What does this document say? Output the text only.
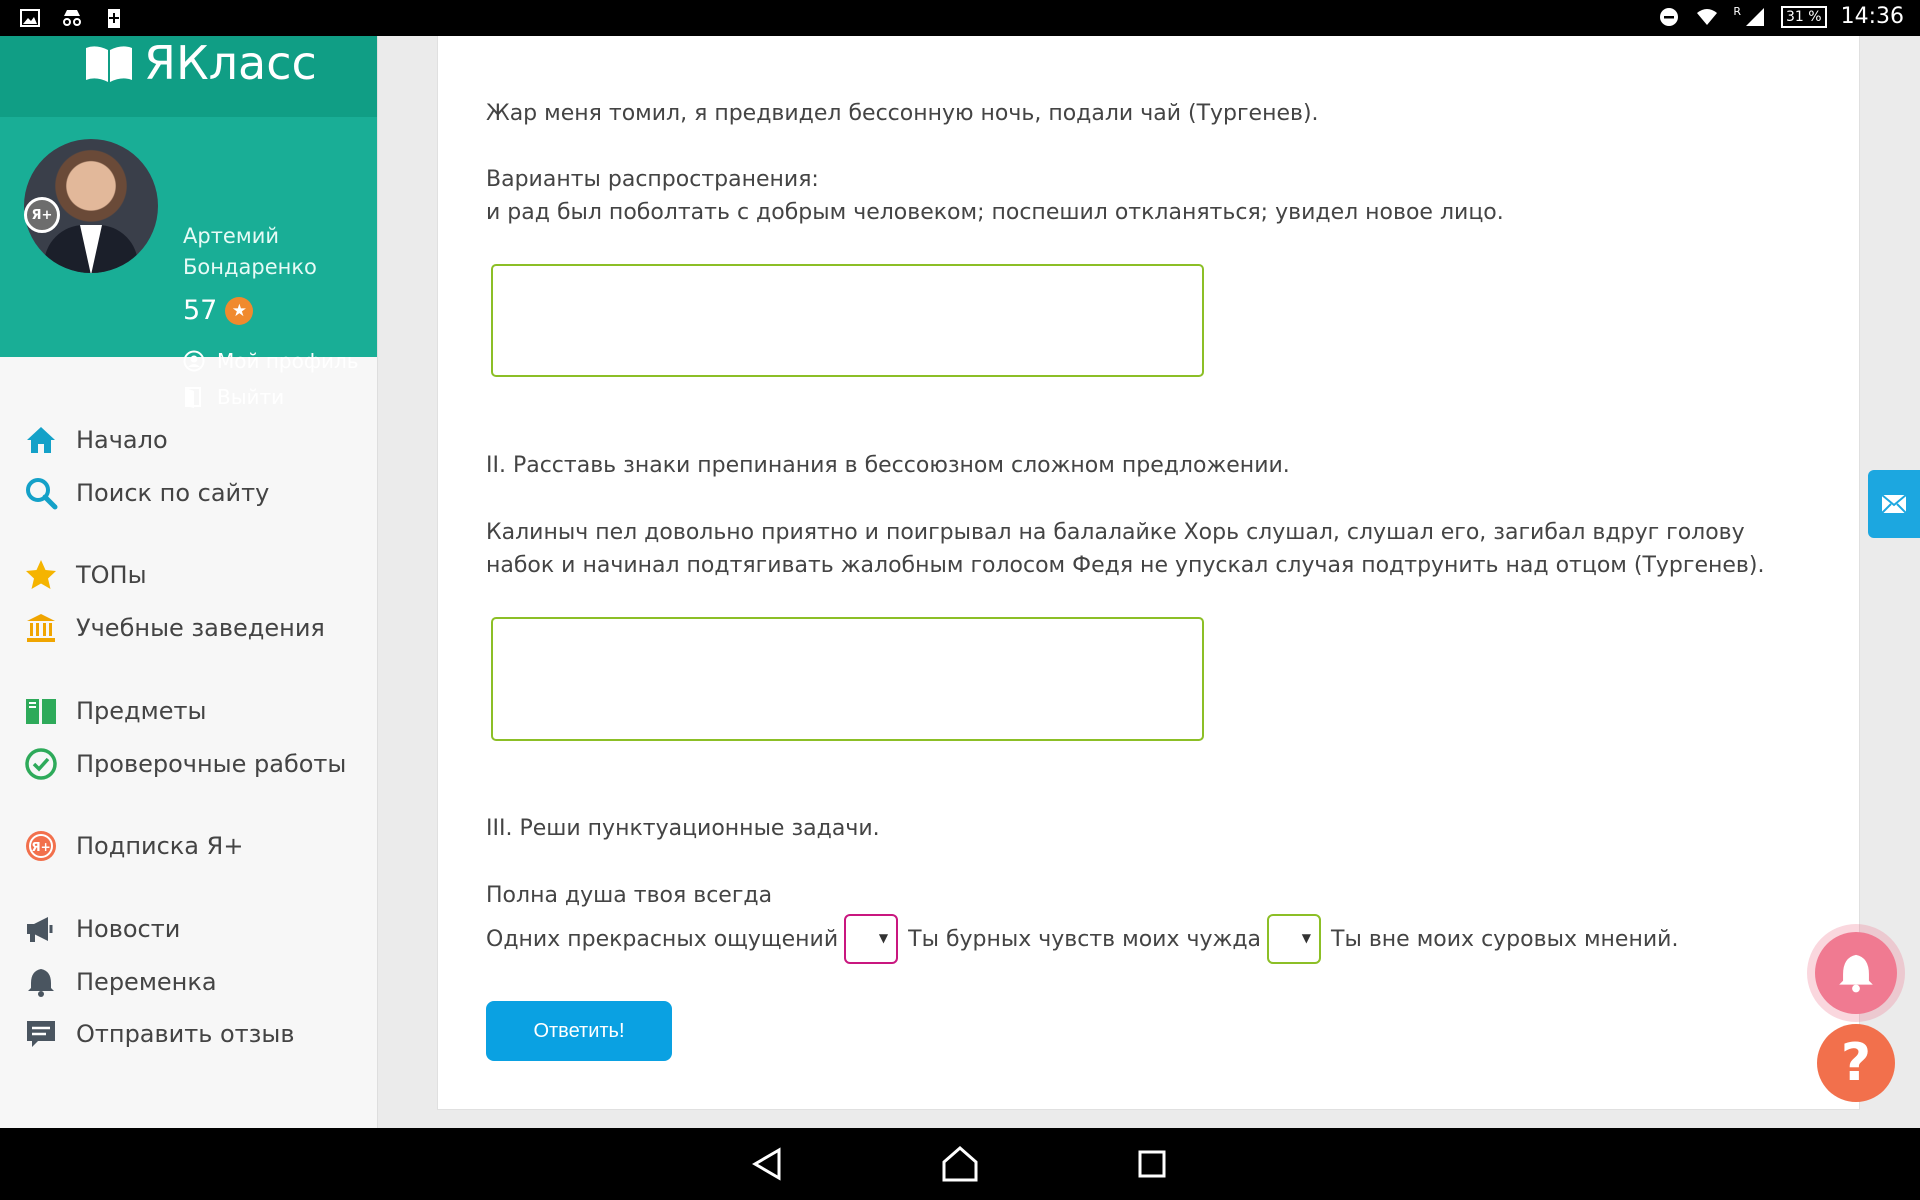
R	31 % 14:36
ЯКласс
Я+
Артемий
Бондаренко
57 ★
Мой профиль
Выйти
Начало
Поиск по сайту
ТОПы
Учебные заведения
Предметы
Проверочные работы
Я+ Подписка Я+
Новости
Переменка
Отправить отзыв
Жар меня томил, я предвидел бессонную ночь, подали чай (Тургенев).
Варианты распространения:
и рад был поболтать с добрым человеком; поспешил откланяться; увидел новое лицо.
II. Расставь знаки препинания в бессоюзном сложном предложении.
Калиныч пел довольно приятно и поигрывал на балалайке Хорь слушал, слушал его, загибал вдруг голову
набок и начинал подтягивать жалобным голосом Федя не упускал случая подтрунить над отцом (Тургенев).
III. Реши пунктуационные задачи.
Полна душа твоя всегда
Одних прекрасных ощущений ▼	Ты бурных чувств моих чужда ▼	Ты вне моих суровых мнений.
Ответить!
?
